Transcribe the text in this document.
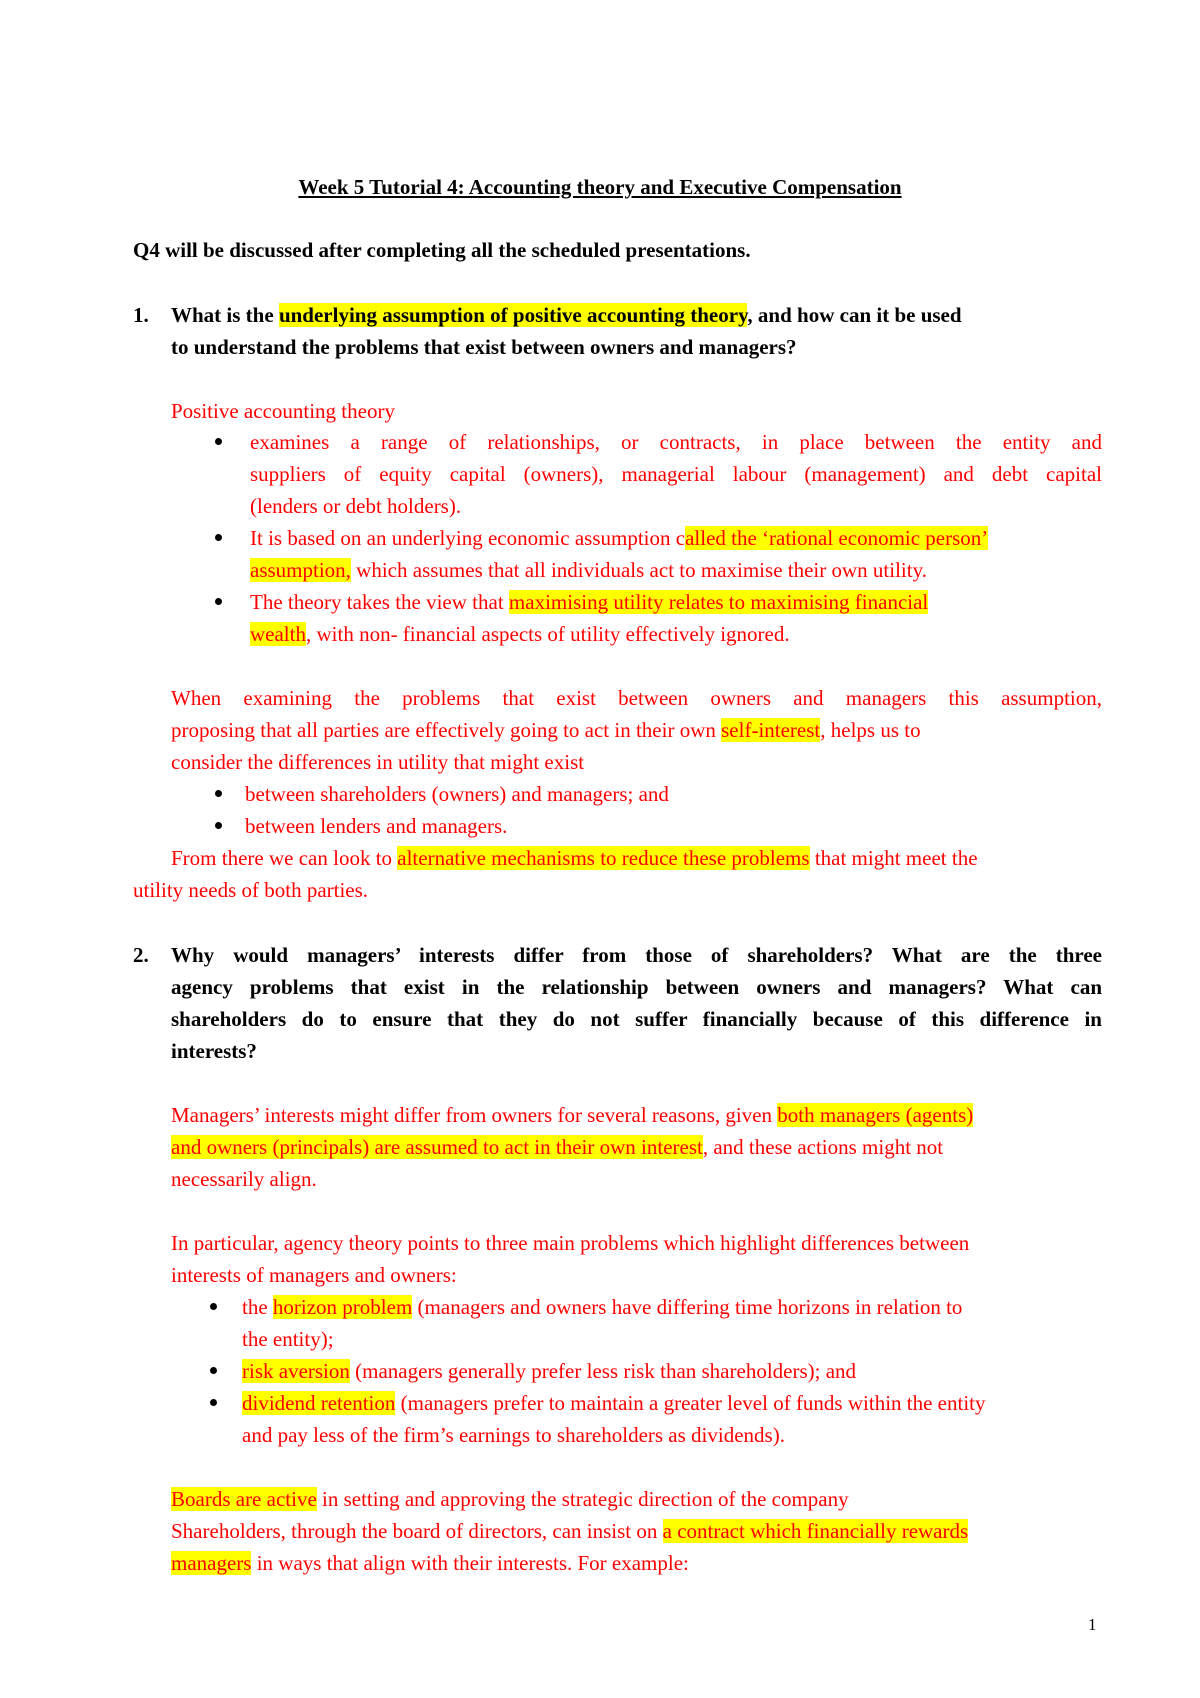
Week 5 Tutorial 4: Accounting theory and Executive Compensation
Q4 will be discussed after completing all the scheduled presentations.
1. What is the underlying assumption of positive accounting theory, and how can it be used
to understand the problems that exist between owners and managers?
Positive accounting theory
examines a range of relationships, or contracts, in place between the entity and
suppliers of equity capital (owners), managerial labour (management) and debt capital
(lenders or debt holders).
It is based on an underlying economic assumption called the ‘rational economic person’
assumption, which assumes that all individuals act to maximise their own utility.
The theory takes the view that maximising utility relates to maximising financial
wealth, with non- financial aspects of utility effectively ignored.
When examining the problems that exist between owners and managers this assumption,
proposing that all parties are effectively going to act in their own self-interest, helps us to
consider the differences in utility that might exist
between shareholders (owners) and managers; and
between lenders and managers.
From there we can look to alternative mechanisms to reduce these problems that might meet the
utility needs of both parties.
2. Why would managers’ interests differ from those of shareholders? What are the three
agency problems that exist in the relationship between owners and managers? What can
shareholders do to ensure that they do not suffer financially because of this difference in
interests?
Managers’ interests might differ from owners for several reasons, given both managers (agents)
and owners (principals) are assumed to act in their own interest, and these actions might not
necessarily align.
In particular, agency theory points to three main problems which highlight differences between
interests of managers and owners:
the horizon problem (managers and owners have differing time horizons in relation to
the entity);
risk aversion (managers generally prefer less risk than shareholders); and
dividend retention (managers prefer to maintain a greater level of funds within the entity
and pay less of the firm’s earnings to shareholders as dividends).
Boards are active in setting and approving the strategic direction of the company
Shareholders, through the board of directors, can insist on a contract which financially rewards
managers in ways that align with their interests. For example:
1
